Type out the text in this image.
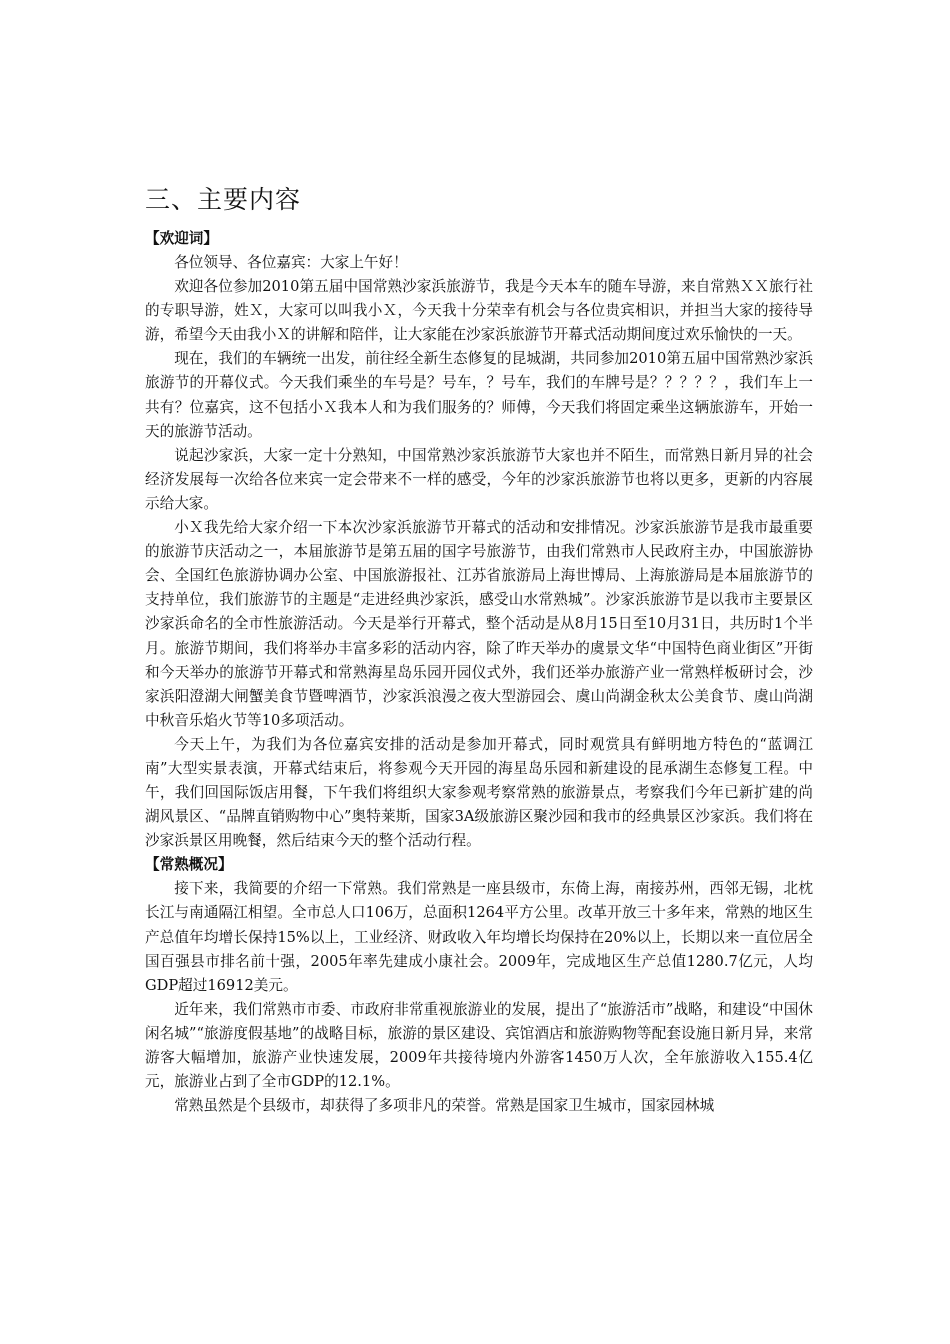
三、主要内容
【欢迎词】

各位领导、各位嘉宾：大家上午好！

欢迎各位参加2010第五届中国常熟沙家浜旅游节，我是今天本车的随车导游，来自常熟ＸＸ旅行社的专职导游，姓Ｘ，大家可以叫我小Ｘ，今天我十分荣幸有机会与各位贵宾相识，并担当大家的接待导游，希望今天由我小Ｘ的讲解和陪伴，让大家能在沙家浜旅游节开幕式活动期间度过欢乐愉快的一天。

现在，我们的车辆统一出发，前往经全新生态修复的昆城湖，共同参加2010第五届中国常熟沙家浜旅游节的开幕仪式。今天我们乘坐的车号是？号车，？号车，我们的车牌号是？？？？？，我们车上一共有？位嘉宾，这不包括小Ｘ我本人和为我们服务的？师傅，今天我们将固定乘坐这辆旅游车，开始一天的旅游节活动。

说起沙家浜，大家一定十分熟知，中国常熟沙家浜旅游节大家也并不陌生，而常熟日新月异的社会经济发展每一次给各位来宾一定会带来不一样的感受，今年的沙家浜旅游节也将以更多，更新的内容展示给大家。

小Ｘ我先给大家介绍一下本次沙家浜旅游节开幕式的活动和安排情况。沙家浜旅游节是我市最重要的旅游节庆活动之一，本届旅游节是第五届的国字号旅游节，由我们常熟市人民政府主办，中国旅游协会、全国红色旅游协调办公室、中国旅游报社、江苏省旅游局上海世博局、上海旅游局是本届旅游节的支持单位，我们旅游节的主题是“走进经典沙家浜，感受山水常熟城”。沙家浜旅游节是以我市主要景区沙家浜命名的全市性旅游活动。今天是举行开幕式，整个活动是从8月15日至10月31日，共历时1个半月。旅游节期间，我们将举办丰富多彩的活动内容，除了昨天举办的虞景文华“中国特色商业街区”开街和今天举办的旅游节开幕式和常熟海星岛乐园开园仪式外，我们还举办旅游产业一常熟样板研讨会，沙家浜阳澄湖大闸蟹美食节暨啤酒节，沙家浜浪漫之夜大型游园会、虞山尚湖金秋太公美食节、虞山尚湖中秋音乐焰火节等10多项活动。

今天上午，为我们为各位嘉宾安排的活动是参加开幕式，同时观赏具有鲜明地方特色的“蓝调江南”大型实景表演，开幕式结束后，将参观今天开园的海星岛乐园和新建设的昆承湖生态修复工程。中午，我们回国际饭店用餐，下午我们将组织大家参观考察常熟的旅游景点，考察我们今年已新扩建的尚湖风景区、“品牌直销购物中心”奥特莱斯，国家3A级旅游区聚沙园和我市的经典景区沙家浜。我们将在沙家浜景区用晚餐，然后结束今天的整个活动行程。

【常熟概况】

接下来，我简要的介绍一下常熟。我们常熟是一座县级市，东倚上海，南接苏州，西邻无锡，北枕长江与南通隔江相望。全市总人口106万，总面积1264平方公里。改革开放三十多年来，常熟的地区生产总值年均增长保持15%以上，工业经济、财政收入年均增长均保持在20%以上，长期以来一直位居全国百强县市排名前十强，2005年率先建成小康社会。2009年，完成地区生产总值1280.7亿元，人均GDP超过16912美元。

近年来，我们常熟市市委、市政府非常重视旅游业的发展，提出了“旅游活市”战略，和建设“中国休闲名城”“旅游度假基地”的战略目标，旅游的景区建设、宾馆酒店和旅游购物等配套设施日新月异，来常游客大幅增加，旅游产业快速发展，2009年共接待境内外游客1450万人次，全年旅游收入155.4亿元，旅游业占到了全市GDP的12.1%。

常熟虽然是个县级市，却获得了多项非凡的荣誉。常熟是国家卫生城市，国家园林城
